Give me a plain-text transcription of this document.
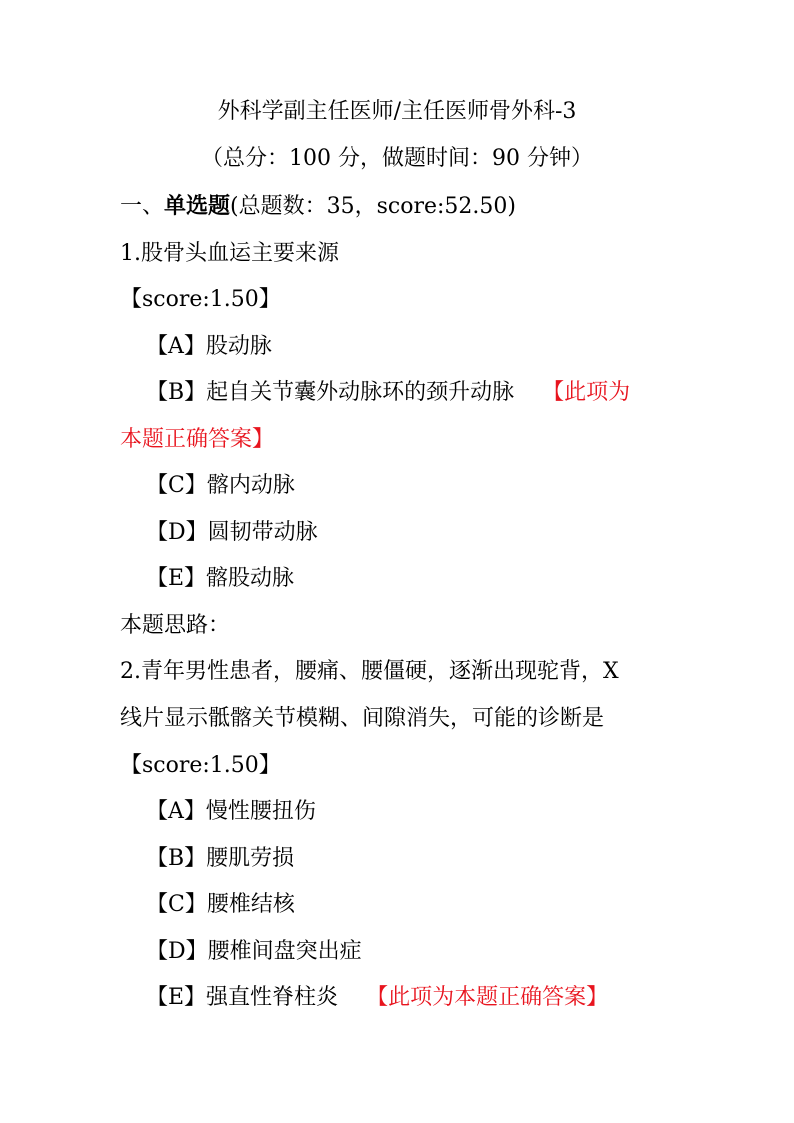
外科学副主任医师/主任医师骨外科-3
（总分：100 分，做题时间：90 分钟）
一、单选题(总题数：35，score:52.50)
1.股骨头血运主要来源
【score:1.50】
【A】股动脉
【B】起自关节囊外动脉环的颈升动脉 【此项为
本题正确答案】
【C】髂内动脉
【D】圆韧带动脉
【E】髂股动脉
本题思路：
2.青年男性患者，腰痛、腰僵硬，逐渐出现驼背，X
线片显示骶髂关节模糊、间隙消失，可能的诊断是
【score:1.50】
【A】慢性腰扭伤
【B】腰肌劳损
【C】腰椎结核
【D】腰椎间盘突出症
【E】强直性脊柱炎 【此项为本题正确答案】
